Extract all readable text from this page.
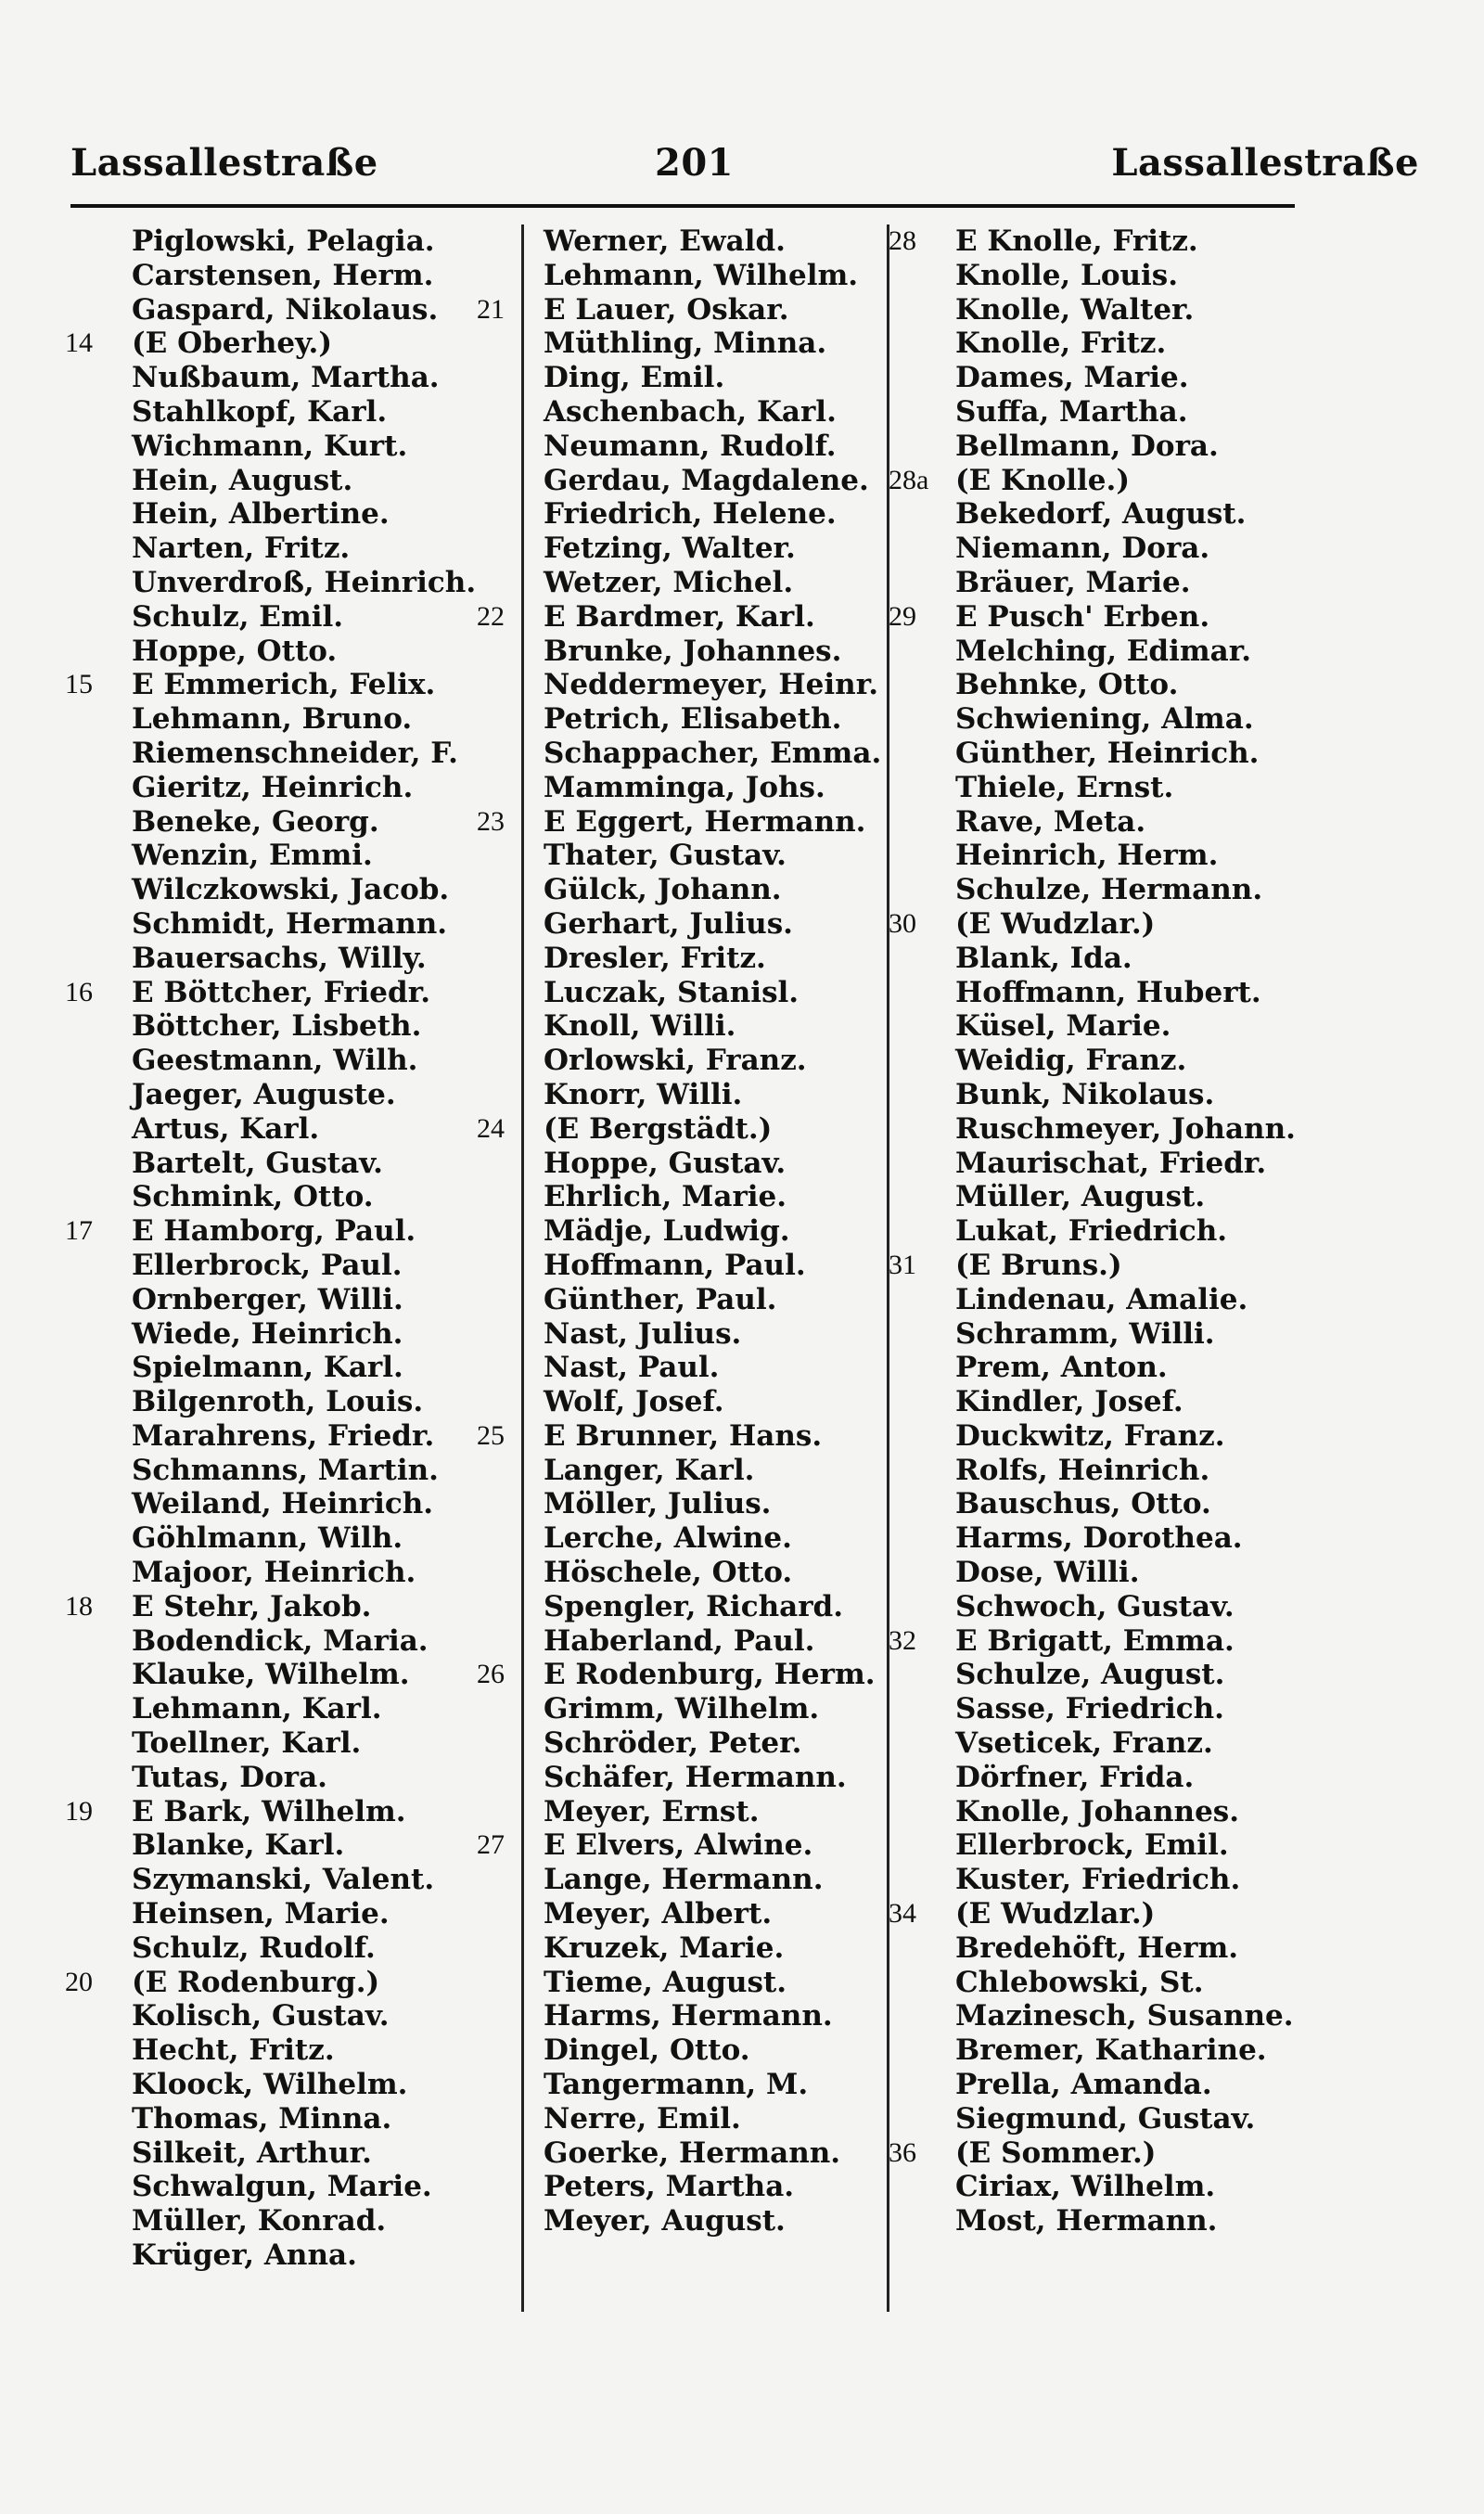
Lassallestraße	201	Lassallestraße
Piglowski, Pelagia.
Carstensen, Herm.
Gaspard, Nikolaus.
14	(E Oberhey.)
Nußbaum, Martha.
Stahlkopf, Karl.
Wichmann, Kurt.
Hein, August.
Hein, Albertine.
Narten, Fritz.
Unverdroß, Heinrich.
Schulz, Emil.
Hoppe, Otto.
15	E Emmerich, Felix.
Lehmann, Bruno.
Riemenschneider, F.
Gieritz, Heinrich.
Beneke, Georg.
Wenzin, Emmi.
Wilczkowski, Jacob.
Schmidt, Hermann.
Bauersachs, Willy.
16	E Böttcher, Friedr.
Böttcher, Lisbeth.
Geestmann, Wilh.
Jaeger, Auguste.
Artus, Karl.
Bartelt, Gustav.
Schmink, Otto.
17	E Hamborg, Paul.
Ellerbrock, Paul.
Ornberger, Willi.
Wiede, Heinrich.
Spielmann, Karl.
Bilgenroth, Louis.
Marahrens, Friedr.
Schmanns, Martin.
Weiland, Heinrich.
Göhlmann, Wilh.
Majoor, Heinrich.
18	E Stehr, Jakob.
Bodendick, Maria.
Klauke, Wilhelm.
Lehmann, Karl.
Toellner, Karl.
Tutas, Dora.
19	E Bark, Wilhelm.
Blanke, Karl.
Szymanski, Valent.
Heinsen, Marie.
Schulz, Rudolf.
20	(E Rodenburg.)
Kolisch, Gustav.
Hecht, Fritz.
Kloock, Wilhelm.
Thomas, Minna.
Silkeit, Arthur.
Schwalgun, Marie.
Müller, Konrad.
Krüger, Anna.
Werner, Ewald.
Lehmann, Wilhelm.
21	E Lauer, Oskar.
Müthling, Minna.
Ding, Emil.
Aschenbach, Karl.
Neumann, Rudolf.
Gerdau, Magdalene.
Friedrich, Helene.
Fetzing, Walter.
Wetzer, Michel.
22	E Bardmer, Karl.
Brunke, Johannes.
Neddermeyer, Heinr.
Petrich, Elisabeth.
Schappacher, Emma.
Mamminga, Johs.
23	E Eggert, Hermann.
Thater, Gustav.
Gülck, Johann.
Gerhart, Julius.
Dresler, Fritz.
Luczak, Stanisl.
Knoll, Willi.
Orlowski, Franz.
Knorr, Willi.
24	(E Bergstädt.)
Hoppe, Gustav.
Ehrlich, Marie.
Mädje, Ludwig.
Hoffmann, Paul.
Günther, Paul.
Nast, Julius.
Nast, Paul.
Wolf, Josef.
25	E Brunner, Hans.
Langer, Karl.
Möller, Julius.
Lerche, Alwine.
Höschele, Otto.
Spengler, Richard.
Haberland, Paul.
26	E Rodenburg, Herm.
Grimm, Wilhelm.
Schröder, Peter.
Schäfer, Hermann.
Meyer, Ernst.
27	E Elvers, Alwine.
Lange, Hermann.
Meyer, Albert.
Kruzek, Marie.
Tieme, August.
Harms, Hermann.
Dingel, Otto.
Tangermann, M.
Nerre, Emil.
Goerke, Hermann.
Peters, Martha.
Meyer, August.
28	E Knolle, Fritz.
Knolle, Louis.
Knolle, Walter.
Knolle, Fritz.
Dames, Marie.
Suffa, Martha.
Bellmann, Dora.
28a (E Knolle.)
Bekedorf, August.
Niemann, Dora.
Bräuer, Marie.
29	E Pusch' Erben.
Melching, Edimar.
Behnke, Otto.
Schwiening, Alma.
Günther, Heinrich.
Thiele, Ernst.
Rave, Meta.
Heinrich, Herm.
Schulze, Hermann.
30	(E Wudzlar.)
Blank, Ida.
Hoffmann, Hubert.
Küsel, Marie.
Weidig, Franz.
Bunk, Nikolaus.
Ruschmeyer, Johann.
Maurischat, Friedr.
Müller, August.
Lukat, Friedrich.
31	(E Bruns.)
Lindenau, Amalie.
Schramm, Willi.
Prem, Anton.
Kindler, Josef.
Duckwitz, Franz.
Rolfs, Heinrich.
Bauschus, Otto.
Harms, Dorothea.
Dose, Willi.
Schwoch, Gustav.
32	E Brigatt, Emma.
Schulze, August.
Sasse, Friedrich.
Vseticek, Franz.
Dörfner, Frida.
Knolle, Johannes.
Ellerbrock, Emil.
Kuster, Friedrich.
34	(E Wudzlar.)
Bredehöft, Herm.
Chlebowski, St.
Mazinesch, Susanne.
Bremer, Katharine.
Prella, Amanda.
Siegmund, Gustav.
36	(E Sommer.)
Ciriax, Wilhelm.
Most, Hermann.
